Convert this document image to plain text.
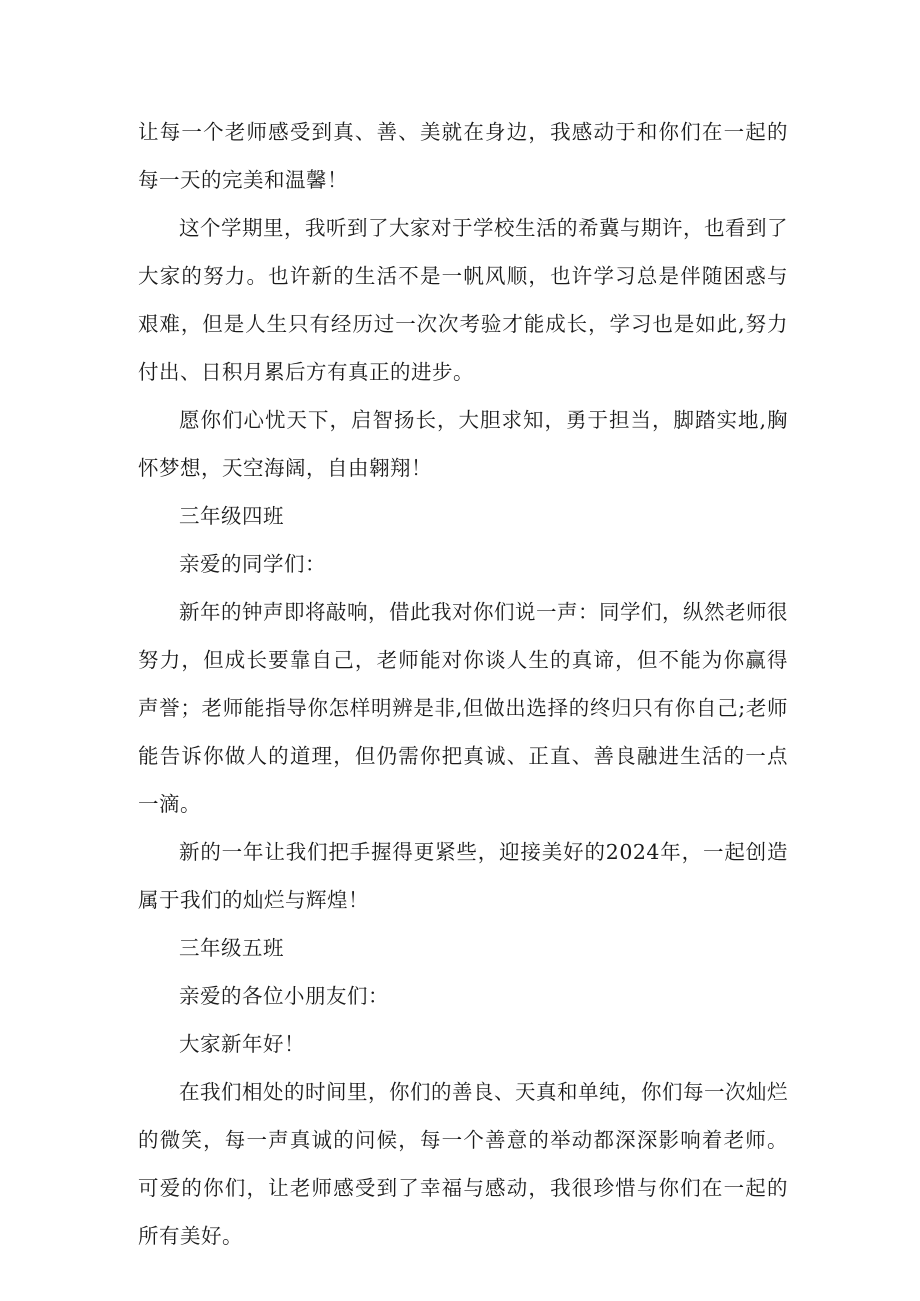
让每一个老师感受到真、善、美就在身边，我感动于和你们在一起的每一天的完美和温馨！

这个学期里，我听到了大家对于学校生活的希冀与期许，也看到了大家的努力。也许新的生活不是一帆风顺，也许学习总是伴随困惑与艰难，但是人生只有经历过一次次考验才能成长，学习也是如此,努力付出、日积月累后方有真正的进步。

愿你们心忧天下，启智扬长，大胆求知，勇于担当，脚踏实地,胸怀梦想，天空海阔，自由翱翔！

三年级四班

亲爱的同学们：

新年的钟声即将敲响，借此我对你们说一声：同学们，纵然老师很努力，但成长要靠自己，老师能对你谈人生的真谛，但不能为你赢得声誉；老师能指导你怎样明辨是非,但做出选择的终归只有你自己;老师能告诉你做人的道理，但仍需你把真诚、正直、善良融进生活的一点一滴。

新的一年让我们把手握得更紧些，迎接美好的2024年，一起创造属于我们的灿烂与辉煌！

三年级五班

亲爱的各位小朋友们：

大家新年好！

在我们相处的时间里，你们的善良、天真和单纯，你们每一次灿烂的微笑，每一声真诚的问候，每一个善意的举动都深深影响着老师。可爱的你们，让老师感受到了幸福与感动，我很珍惜与你们在一起的所有美好。
